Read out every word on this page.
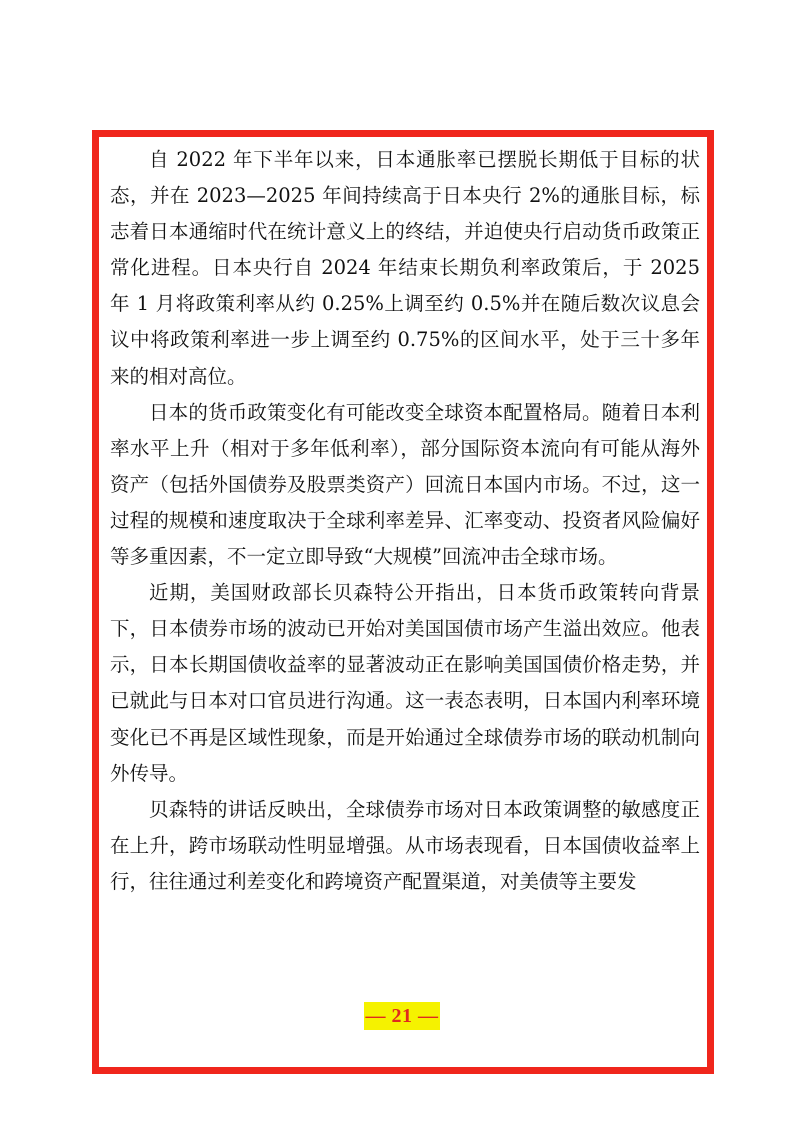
自 2022 年下半年以来，日本通胀率已摆脱长期低于目标的状态，并在 2023—2025 年间持续高于日本央行 2%的通胀目标，标志着日本通缩时代在统计意义上的终结，并迫使央行启动货币政策正常化进程。日本央行自 2024 年结束长期负利率政策后，于 2025 年 1 月将政策利率从约 0.25%上调至约 0.5%并在随后数次议息会议中将政策利率进一步上调至约 0.75%的区间水平，处于三十多年来的相对高位。

日本的货币政策变化有可能改变全球资本配置格局。随着日本利率水平上升（相对于多年低利率），部分国际资本流向有可能从海外资产（包括外国债券及股票类资产）回流日本国内市场。不过，这一过程的规模和速度取决于全球利率差异、汇率变动、投资者风险偏好等多重因素，不一定立即导致“大规模”回流冲击全球市场。

近期，美国财政部长贝森特公开指出，日本货币政策转向背景下，日本债券市场的波动已开始对美国国债市场产生溢出效应。他表示，日本长期国债收益率的显著波动正在影响美国国债价格走势，并已就此与日本对口官员进行沟通。这一表态表明，日本国内利率环境变化已不再是区域性现象，而是开始通过全球债券市场的联动机制向外传导。

贝森特的讲话反映出，全球债券市场对日本政策调整的敏感度正在上升，跨市场联动性明显增强。从市场表现看，日本国债收益率上行，往往通过利差变化和跨境资产配置渠道，对美债等主要发

— 21 —
